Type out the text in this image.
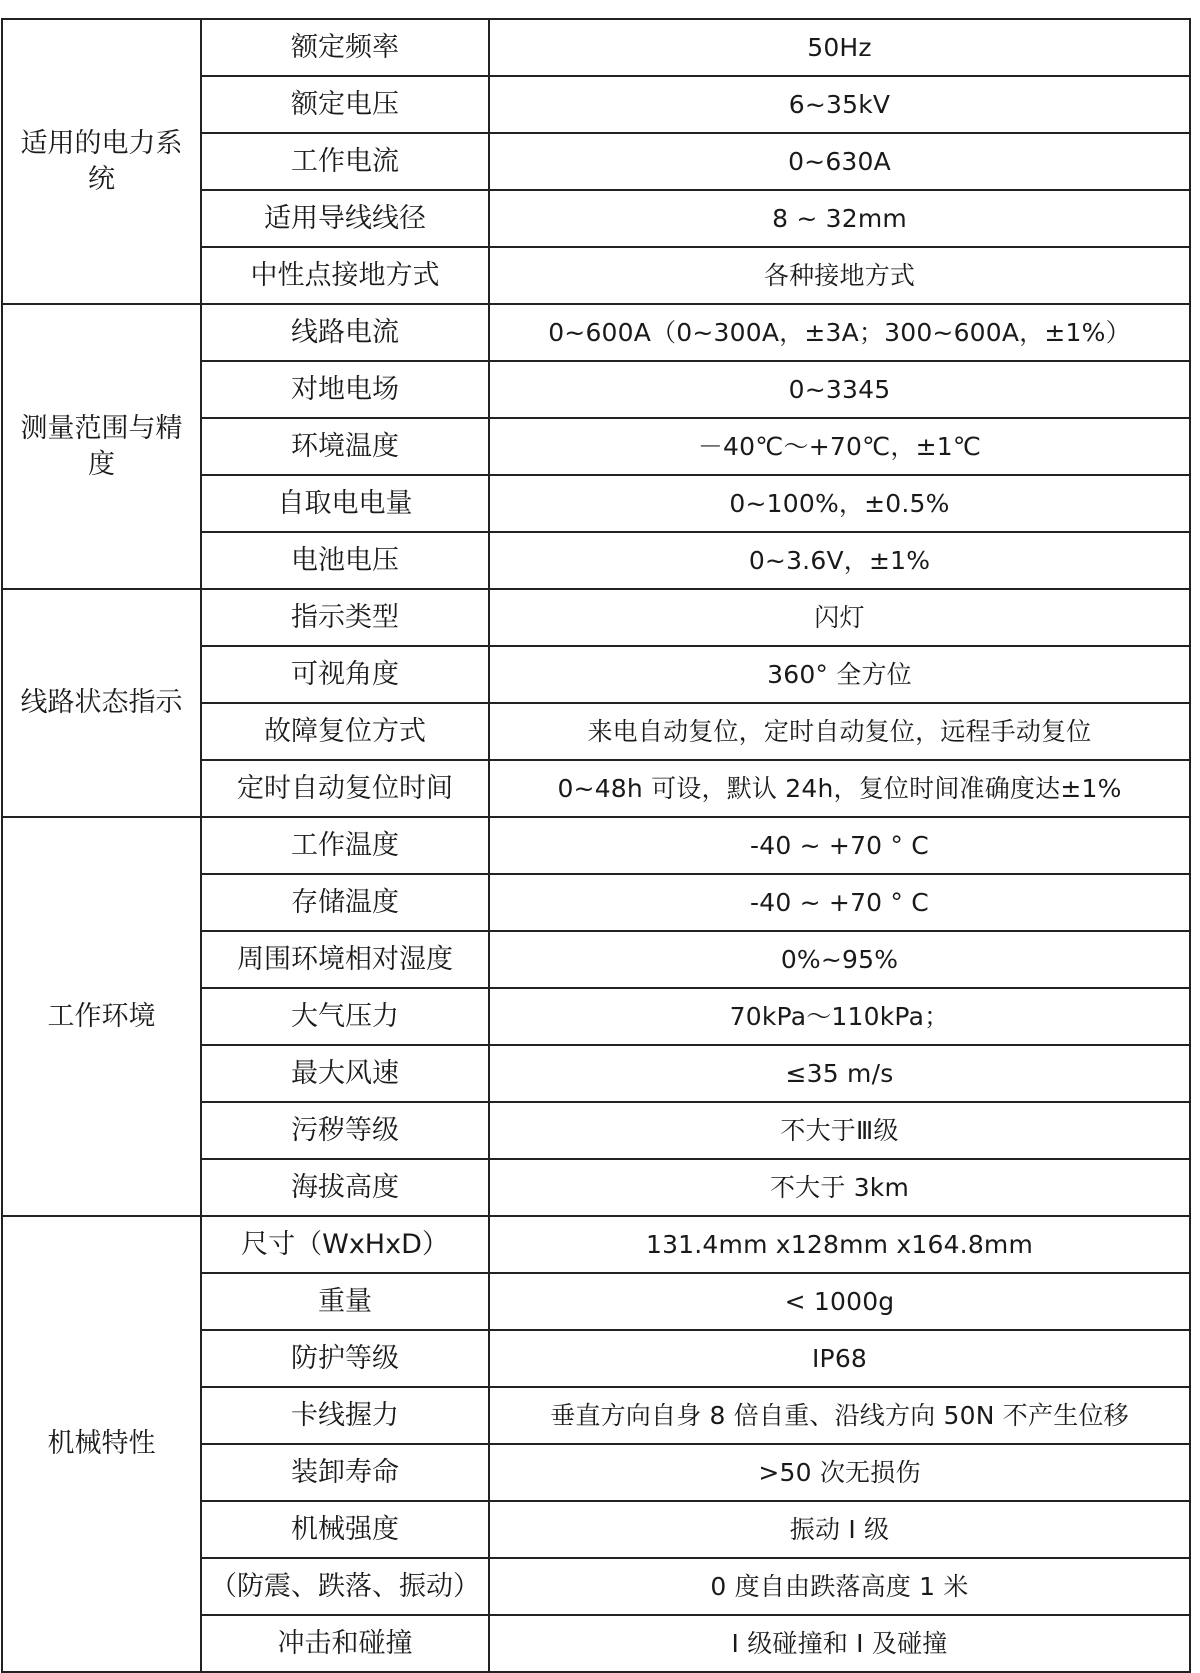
适用的电力系统	额定频率	50Hz
	额定电压	6~35kV
	工作电流	0~630A
	适用导线线径	8 ~ 32mm
	中性点接地方式	各种接地方式
测量范围与精度	线路电流	0~600A（0~300A，±3A；300~600A，±1%）
	对地电场	0~3345
	环境温度	－40℃～+70℃，±1℃
	自取电电量	0~100%，±0.5%
	电池电压	0~3.6V，±1%
线路状态指示	指示类型	闪灯
	可视角度	360° 全方位
	故障复位方式	来电自动复位，定时自动复位，远程手动复位
	定时自动复位时间	0~48h 可设，默认 24h，复位时间准确度达±1%
工作环境	工作温度	-40 ~ +70 ° C
	存储温度	-40 ~ +70 ° C
	周围环境相对湿度	0%~95%
	大气压力	70kPa～110kPa；
	最大风速	≤35 m/s
	污秽等级	不大于Ⅲ级
	海拔高度	不大于 3km
机械特性	尺寸（WxHxD）	131.4mm x128mm x164.8mm
	重量	< 1000g
	防护等级	IP68
	卡线握力	垂直方向自身 8 倍自重、沿线方向 50N 不产生位移
	装卸寿命	>50 次无损伤
	机械强度	振动 I 级
	（防震、跌落、振动）	0 度自由跌落高度 1 米
	冲击和碰撞	I 级碰撞和 I 及碰撞
